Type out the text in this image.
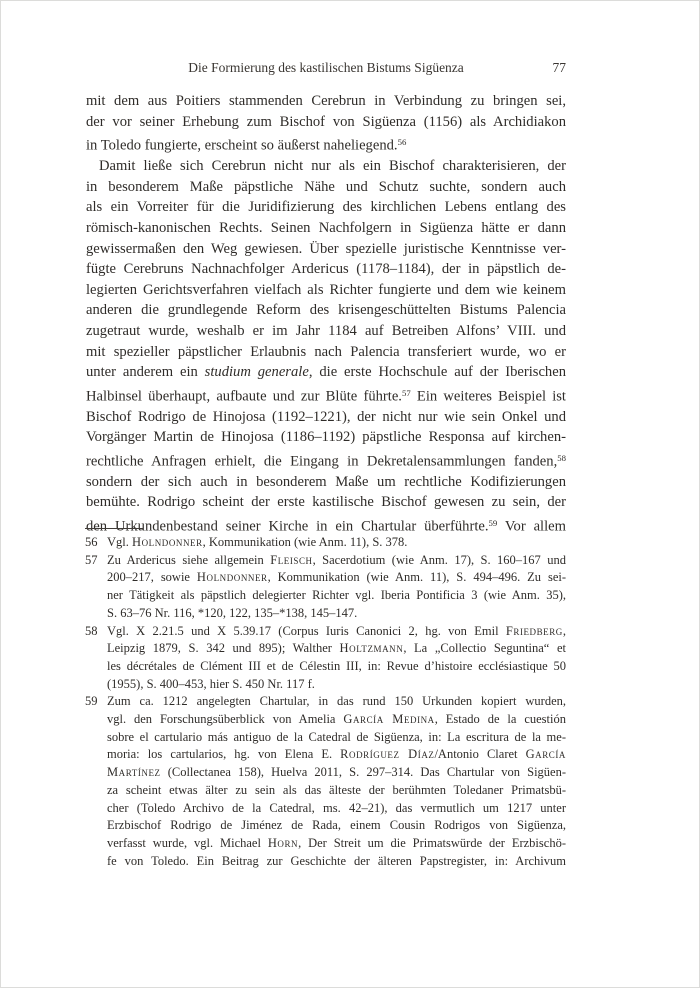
Die Formierung des kastilischen Bistums Sigüenza	77
mit dem aus Poitiers stammenden Cerebrun in Verbindung zu bringen sei,
der vor seiner Erhebung zum Bischof von Sigüenza (1156) als Archidiakon
in Toledo fungierte, erscheint so äußerst naheliegend.$^{56}$
Damit ließe sich Cerebrun nicht nur als ein Bischof charakterisieren, der
in besonderem Maße päpstliche Nähe und Schutz suchte, sondern auch
als ein Vorreiter für die Juridifizierung des kirchlichen Lebens entlang des
römisch-kanonischen Rechts. Seinen Nachfolgern in Sigüenza hätte er dann
gewissermaßen den Weg gewiesen. Über spezielle juristische Kenntnisse ver-
fügte Cerebruns Nachnachfolger Ardericus (1178–1184), der in päpstlich de-
legierten Gerichtsverfahren vielfach als Richter fungierte und dem wie keinem
anderen die grundlegende Reform des krisengeschüttelten Bistums Palencia
zugetraut wurde, weshalb er im Jahr 1184 auf Betreiben Alfons’ VIII. und
mit spezieller päpstlicher Erlaubnis nach Palencia transferiert wurde, wo er
unter anderem ein studium generale, die erste Hochschule auf der Iberischen
Halbinsel überhaupt, aufbaute und zur Blüte führte.$^{57}$ Ein weiteres Beispiel ist
Bischof Rodrigo de Hinojosa (1192–1221), der nicht nur wie sein Onkel und
Vorgänger Martin de Hinojosa (1186–1192) päpstliche Responsa auf kirchen-
rechtliche Anfragen erhielt, die Eingang in Dekretalensammlungen fanden,$^{58}$
sondern der sich auch in besonderem Maße um rechtliche Kodifizierungen
bemühte. Rodrigo scheint der erste kastilische Bischof gewesen zu sein, der
den Urkundenbestand seiner Kirche in ein Chartular überführte.$^{59}$ Vor allem
56 Vgl. Holndonner, Kommunikation (wie Anm. 11), S. 378.
57 Zu Ardericus siehe allgemein Fleisch, Sacerdotium (wie Anm. 17), S. 160–167 und
200–217, sowie Holndonner, Kommunikation (wie Anm. 11), S. 494–496. Zu sei-
ner Tätigkeit als päpstlich delegierter Richter vgl. Iberia Pontificia 3 (wie Anm. 35),
S. 63–76 Nr. 116, *120, 122, 135–*138, 145–147.
58 Vgl. X 2.21.5 und X 5.39.17 (Corpus Iuris Canonici 2, hg. von Emil Friedberg,
Leipzig 1879, S. 342 und 895); Walther Holtzmann, La „Collectio Seguntina“ et
les décrétales de Clément III et de Célestin III, in: Revue d’histoire ecclésiastique 50
(1955), S. 400–453, hier S. 450 Nr. 117 f.
59 Zum ca. 1212 angelegten Chartular, in das rund 150 Urkunden kopiert wurden,
vgl. den Forschungsüberblick von Amelia García Medina, Estado de la cuestión
sobre el cartulario más antiguo de la Catedral de Sigüenza, in: La escritura de la me-
moria: los cartularios, hg. von Elena E. Rodríguez Díaz/Antonio Claret García
Martínez (Collectanea 158), Huelva 2011, S. 297–314. Das Chartular von Sigüen-
za scheint etwas älter zu sein als das älteste der berühmten Toledaner Primatsbü-
cher (Toledo Archivo de la Catedral, ms. 42–21), das vermutlich um 1217 unter
Erzbischof Rodrigo de Jiménez de Rada, einem Cousin Rodrigos von Sigüenza,
verfasst wurde, vgl. Michael Horn, Der Streit um die Primatswürde der Erzbischö-
fe von Toledo. Ein Beitrag zur Geschichte der älteren Papstregister, in: Archivum
